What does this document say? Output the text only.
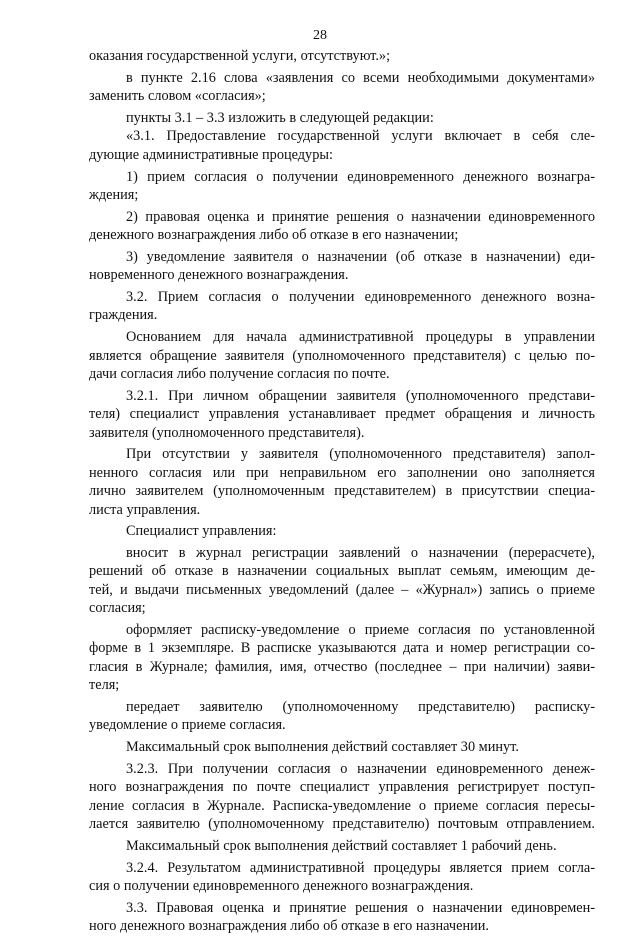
28
оказания государственной услуги, отсутствуют.»;
в пункте 2.16 слова «заявления со всеми необходимыми документами»
заменить словом «согласия»;
пункты 3.1 – 3.3 изложить в следующей редакции:
«3.1. Предоставление государственной услуги включает в себя сле-
дующие административные процедуры:
1) прием согласия о получении единовременного денежного вознагра-
ждения;
2) правовая оценка и принятие решения о назначении единовременного
денежного вознаграждения либо об отказе в его назначении;
3) уведомление заявителя о назначении (об отказе в назначении) еди-
новременного денежного вознаграждения.
3.2. Прием согласия о получении единовременного денежного возна-
граждения.
Основанием для начала административной процедуры в управлении
является обращение заявителя (уполномоченного представителя) с целью по-
дачи согласия либо получение согласия по почте.
3.2.1. При личном обращении заявителя (уполномоченного представи-
теля) специалист управления устанавливает предмет обращения и личность
заявителя (уполномоченного представителя).
При отсутствии у заявителя (уполномоченного представителя) запол-
ненного согласия или при неправильном его заполнении оно заполняется
лично заявителем (уполномоченным представителем) в присутствии специа-
листа управления.
Специалист управления:
вносит в журнал регистрации заявлений о назначении (перерасчете),
решений об отказе в назначении социальных выплат семьям, имеющим де-
тей, и выдачи письменных уведомлений (далее – «Журнал») запись о приеме
согласия;
оформляет расписку-уведомление о приеме согласия по установленной
форме в 1 экземпляре. В расписке указываются дата и номер регистрации со-
гласия в Журнале; фамилия, имя, отчество (последнее – при наличии) заяви-
теля;
передает заявителю (уполномоченному представителю) расписку-
уведомление о приеме согласия.
Максимальный срок выполнения действий составляет 30 минут.
3.2.3. При получении согласия о назначении единовременного денеж-
ного вознаграждения по почте специалист управления регистрирует поступ-
ление согласия в Журнале. Расписка-уведомление о приеме согласия пересы-
лается заявителю (уполномоченному представителю) почтовым отправлением.
Максимальный срок выполнения действий составляет 1 рабочий день.
3.2.4. Результатом административной процедуры является прием согла-
сия о получении единовременного денежного вознаграждения.
3.3. Правовая оценка и принятие решения о назначении единовремен-
ного денежного вознаграждения либо об отказе в его назначении.
